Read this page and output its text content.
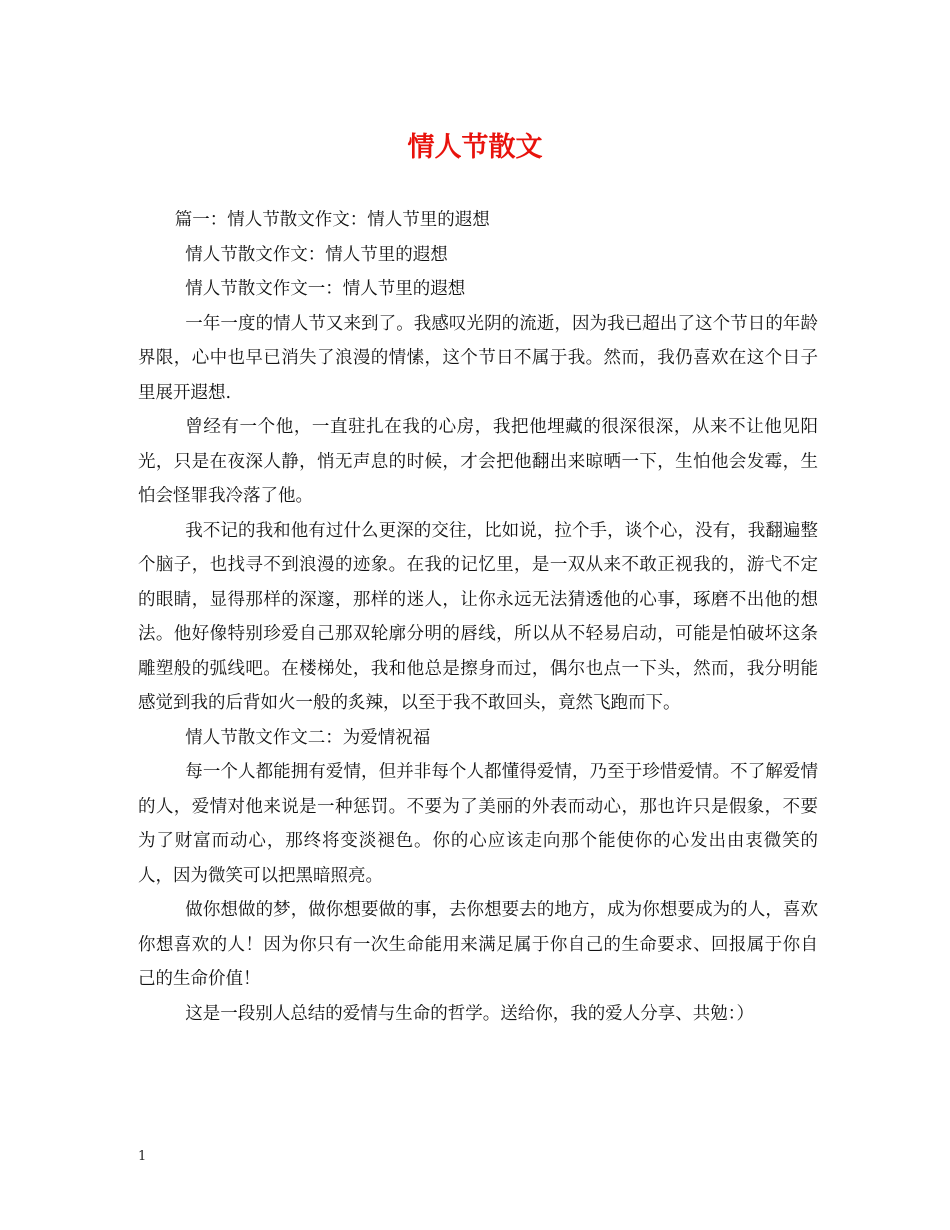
情人节散文

篇一：情人节散文作文：情人节里的遐想

情人节散文作文：情人节里的遐想

情人节散文作文一：情人节里的遐想

一年一度的情人节又来到了。我感叹光阴的流逝，因为我已超出了这个节日的年龄界限，心中也早已消失了浪漫的情愫，这个节日不属于我。然而，我仍喜欢在这个日子里展开遐想.

曾经有一个他，一直驻扎在我的心房，我把他埋藏的很深很深，从来不让他见阳光，只是在夜深人静，悄无声息的时候，才会把他翻出来晾晒一下，生怕他会发霉，生怕会怪罪我冷落了他。

我不记的我和他有过什么更深的交往，比如说，拉个手，谈个心，没有，我翻遍整个脑子，也找寻不到浪漫的迹象。在我的记忆里，是一双从来不敢正视我的，游弋不定的眼睛，显得那样的深邃，那样的迷人，让你永远无法猜透他的心事，琢磨不出他的想法。他好像特别珍爱自己那双轮廓分明的唇线，所以从不轻易启动，可能是怕破坏这条雕塑般的弧线吧。在楼梯处，我和他总是擦身而过，偶尔也点一下头，然而，我分明能感觉到我的后背如火一般的炙辣，以至于我不敢回头，竟然飞跑而下。

情人节散文作文二：为爱情祝福

每一个人都能拥有爱情，但并非每个人都懂得爱情，乃至于珍惜爱情。不了解爱情的人，爱情对他来说是一种惩罚。不要为了美丽的外表而动心，那也许只是假象，不要为了财富而动心，那终将变淡褪色。你的心应该走向那个能使你的心发出由衷微笑的人，因为微笑可以把黑暗照亮。

做你想做的梦，做你想要做的事，去你想要去的地方，成为你想要成为的人，喜欢你想喜欢的人！因为你只有一次生命能用来满足属于你自己的生命要求、回报属于你自己的生命价值！

这是一段别人总结的爱情与生命的哲学。送给你，我的爱人分享、共勉：）

1
